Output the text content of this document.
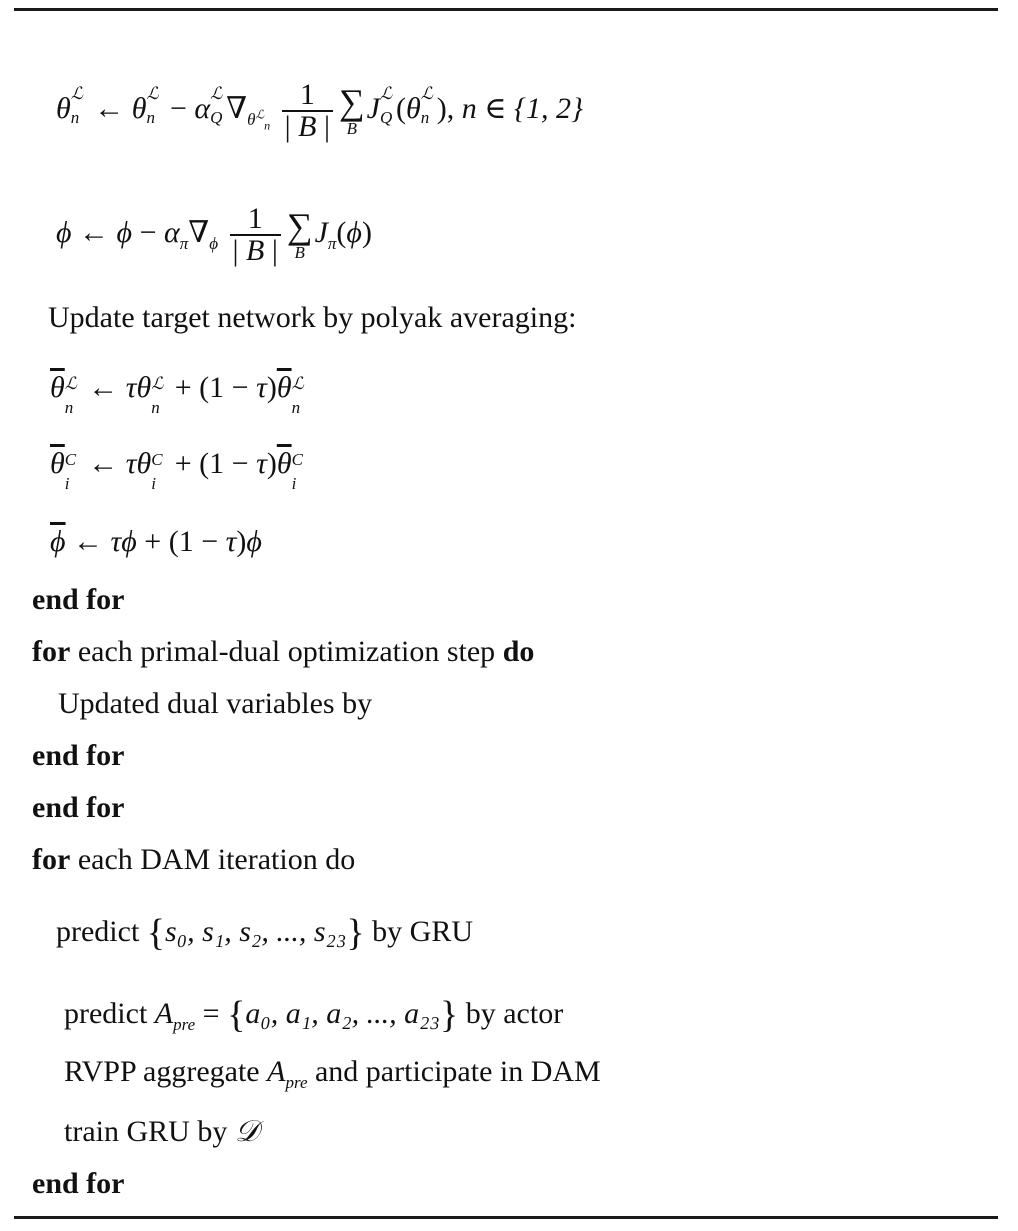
θ ℒ
n ← θ ℒ
n − α ℒ
Q $\nabla_{\theta^ℒ_n} \frac{1}{| B |}$ ∑
B
J ℒ
Q (θ ℒ
n ), n ∈ {1, 2}
ϕ ← $\phi - \alpha_\pi\nabla_\phi \frac{1}{| B |}$ ∑
B
$J_\pi(\phi)$
Update target network by polyak averaging:
$\overline{\theta}$ ℒ
n
← τθ ℒ
n
+ $(1 - \tau)\overline{\theta}$ ℒ
n
$\overline{\theta}$ C
i
← τθ C
i
+ $(1 - \tau)\overline{\theta}$ C
i
$\overline{\phi}$ ← τϕ + (1 − τ)ϕ
end for
for each primal-dual optimization step do
Updated dual variables by
end for
end for
for each DAM iteration do
predict {s₀, s₁, s₂, ..., s₂₃} by GRU
predict $A_{pre} = \{a_0$, a₁, a₂, ..., a₂₃} by actor
RVPP aggregate $A_{pre}$ and participate in DAM
train GRU by 𝒟
end for
